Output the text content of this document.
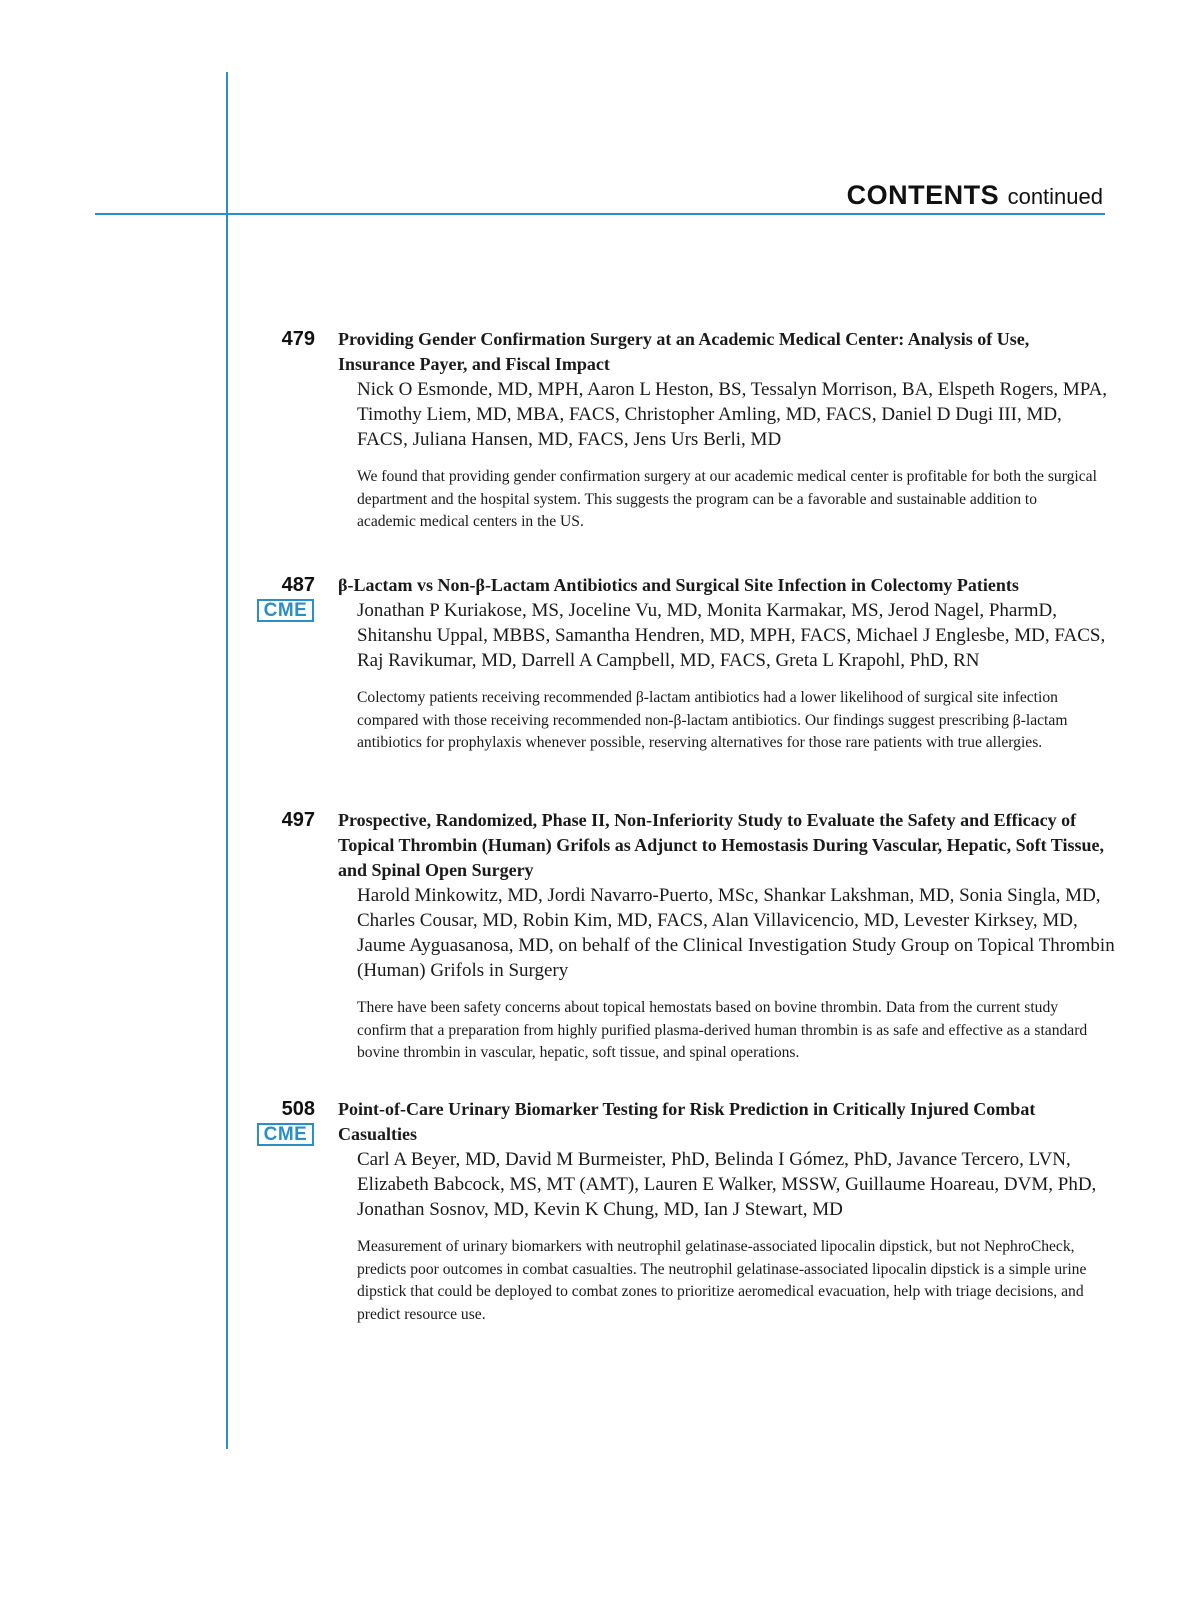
CONTENTS continued
479 Providing Gender Confirmation Surgery at an Academic Medical Center: Analysis of Use, Insurance Payer, and Fiscal Impact
Nick O Esmonde, MD, MPH, Aaron L Heston, BS, Tessalyn Morrison, BA, Elspeth Rogers, MPA, Timothy Liem, MD, MBA, FACS, Christopher Amling, MD, FACS, Daniel D Dugi III, MD, FACS, Juliana Hansen, MD, FACS, Jens Urs Berli, MD
We found that providing gender confirmation surgery at our academic medical center is profitable for both the surgical department and the hospital system. This suggests the program can be a favorable and sustainable addition to academic medical centers in the US.
487
CME
β-Lactam vs Non-β-Lactam Antibiotics and Surgical Site Infection in Colectomy Patients
Jonathan P Kuriakose, MS, Joceline Vu, MD, Monita Karmakar, MS, Jerod Nagel, PharmD, Shitanshu Uppal, MBBS, Samantha Hendren, MD, MPH, FACS, Michael J Englesbe, MD, FACS, Raj Ravikumar, MD, Darrell A Campbell, MD, FACS, Greta L Krapohl, PhD, RN
Colectomy patients receiving recommended β-lactam antibiotics had a lower likelihood of surgical site infection compared with those receiving recommended non-β-lactam antibiotics. Our findings suggest prescribing β-lactam antibiotics for prophylaxis whenever possible, reserving alternatives for those rare patients with true allergies.
497 Prospective, Randomized, Phase II, Non-Inferiority Study to Evaluate the Safety and Efficacy of Topical Thrombin (Human) Grifols as Adjunct to Hemostasis During Vascular, Hepatic, Soft Tissue, and Spinal Open Surgery
Harold Minkowitz, MD, Jordi Navarro-Puerto, MSc, Shankar Lakshman, MD, Sonia Singla, MD, Charles Cousar, MD, Robin Kim, MD, FACS, Alan Villavicencio, MD, Levester Kirksey, MD, Jaume Ayguasanosa, MD, on behalf of the Clinical Investigation Study Group on Topical Thrombin (Human) Grifols in Surgery
There have been safety concerns about topical hemostats based on bovine thrombin. Data from the current study confirm that a preparation from highly purified plasma-derived human thrombin is as safe and effective as a standard bovine thrombin in vascular, hepatic, soft tissue, and spinal operations.
508
CME
Point-of-Care Urinary Biomarker Testing for Risk Prediction in Critically Injured Combat Casualties
Carl A Beyer, MD, David M Burmeister, PhD, Belinda I Gómez, PhD, Javance Tercero, LVN, Elizabeth Babcock, MS, MT (AMT), Lauren E Walker, MSSW, Guillaume Hoareau, DVM, PhD, Jonathan Sosnov, MD, Kevin K Chung, MD, Ian J Stewart, MD
Measurement of urinary biomarkers with neutrophil gelatinase-associated lipocalin dipstick, but not NephroCheck, predicts poor outcomes in combat casualties. The neutrophil gelatinase-associated lipocalin dipstick is a simple urine dipstick that could be deployed to combat zones to prioritize aeromedical evacuation, help with triage decisions, and predict resource use.
